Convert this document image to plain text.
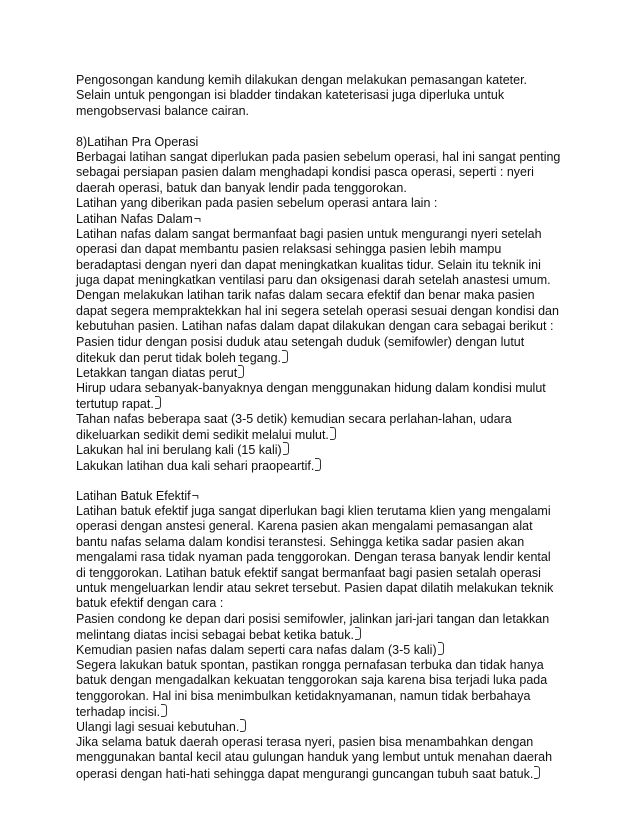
Pengosongan kandung kemih dilakukan dengan melakukan pemasangan kateter.
Selain untuk pengongan isi bladder tindakan kateterisasi juga diperluka untuk
mengobservasi balance cairan.
8)Latihan Pra Operasi
Berbagai latihan sangat diperlukan pada pasien sebelum operasi, hal ini sangat penting
sebagai persiapan pasien dalam menghadapi kondisi pasca operasi, seperti : nyeri
daerah operasi, batuk dan banyak lendir pada tenggorokan.
Latihan yang diberikan pada pasien sebelum operasi antara lain :
Latihan Nafas Dalam¬
Latihan nafas dalam sangat bermanfaat bagi pasien untuk mengurangi nyeri setelah
operasi dan dapat membantu pasien relaksasi sehingga pasien lebih mampu
beradaptasi dengan nyeri dan dapat meningkatkan kualitas tidur. Selain itu teknik ini
juga dapat meningkatkan ventilasi paru dan oksigenasi darah setelah anastesi umum.
Dengan melakukan latihan tarik nafas dalam secara efektif dan benar maka pasien
dapat segera mempraktekkan hal ini segera setelah operasi sesuai dengan kondisi dan
kebutuhan pasien. Latihan nafas dalam dapat dilakukan dengan cara sebagai berikut :
Pasien tidur dengan posisi duduk atau setengah duduk (semifowler) dengan lutut
ditekuk dan perut tidak boleh tegang.
Letakkan tangan diatas perut
Hirup udara sebanyak-banyaknya dengan menggunakan hidung dalam kondisi mulut
tertutup rapat.
Tahan nafas beberapa saat (3-5 detik) kemudian secara perlahan-lahan, udara
dikeluarkan sedikit demi sedikit melalui mulut.
Lakukan hal ini berulang kali (15 kali)
Lakukan latihan dua kali sehari praopeartif.
Latihan Batuk Efektif¬
Latihan batuk efektif juga sangat diperlukan bagi klien terutama klien yang mengalami
operasi dengan anstesi general. Karena pasien akan mengalami pemasangan alat
bantu nafas selama dalam kondisi teranstesi. Sehingga ketika sadar pasien akan
mengalami rasa tidak nyaman pada tenggorokan. Dengan terasa banyak lendir kental
di tenggorokan. Latihan batuk efektif sangat bermanfaat bagi pasien setalah operasi
untuk mengeluarkan lendir atau sekret tersebut. Pasien dapat dilatih melakukan teknik
batuk efektif dengan cara :
Pasien condong ke depan dari posisi semifowler, jalinkan jari-jari tangan dan letakkan
melintang diatas incisi sebagai bebat ketika batuk.
Kemudian pasien nafas dalam seperti cara nafas dalam (3-5 kali)
Segera lakukan batuk spontan, pastikan rongga pernafasan terbuka dan tidak hanya
batuk dengan mengadalkan kekuatan tenggorokan saja karena bisa terjadi luka pada
tenggorokan. Hal ini bisa menimbulkan ketidaknyamanan, namun tidak berbahaya
terhadap incisi.
Ulangi lagi sesuai kebutuhan.
Jika selama batuk daerah operasi terasa nyeri, pasien bisa menambahkan dengan
menggunakan bantal kecil atau gulungan handuk yang lembut untuk menahan daerah
operasi dengan hati-hati sehingga dapat mengurangi guncangan tubuh saat batuk.
